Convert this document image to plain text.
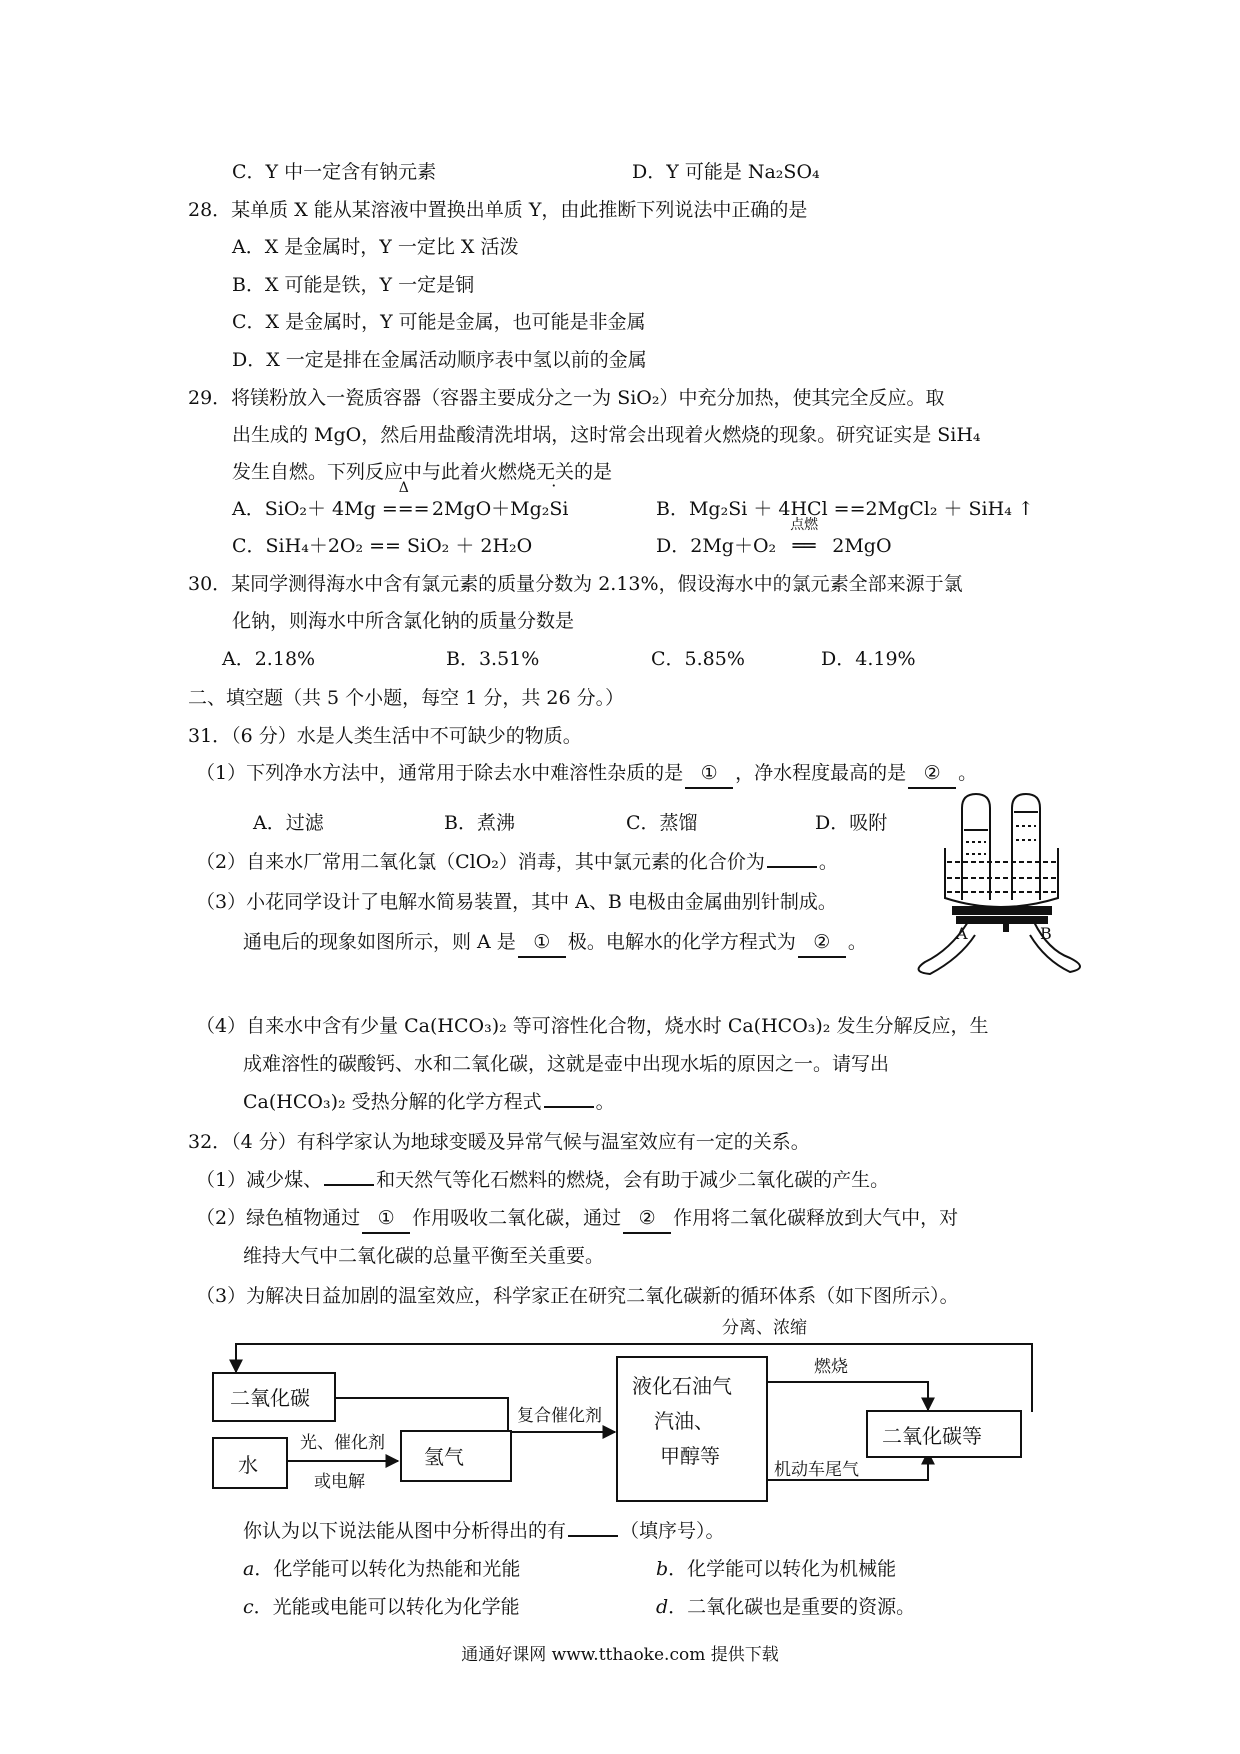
C．Y 中一定含有钠元素	D．Y 可能是 Na₂SO₄
28．某单质 X 能从某溶液中置换出单质 Y，由此推断下列说法中正确的是
A．X 是金属时，Y 一定比 X 活泼
B．X 可能是铁，Y 一定是铜
C．X 是金属时，Y 可能是金属，也可能是非金属
D．X 一定是排在金属活动顺序表中氢以前的金属
29．将镁粉放入一瓷质容器（容器主要成分之一为 SiO₂）中充分加热，使其完全反应。取
出生成的 MgO，然后用盐酸清洗坩埚，这时常会出现着火燃烧的现象。研究证实是 SiH₄
发生自燃。下列反应中与此着火燃烧无关的是
A．SiO₂＋ 4Mg
Δ
=== 2MgO＋Mg₂Si	B．Mg₂Si ＋ 4HCl ==2MgCl₂ ＋ SiH₄ ↑
C．SiH₄＋2O₂ == SiO₂ ＋ 2H₂O	D．2Mg＋O₂
点燃
══ 2MgO
30．某同学测得海水中含有氯元素的质量分数为 2.13%，假设海水中的氯元素全部来源于氯
化钠，则海水中所含氯化钠的质量分数是
A．2.18%	B．3.51%	C．5.85%	D．4.19%
二、填空题（共 5 个小题，每空 1 分，共 26 分。）
31．（6 分）水是人类生活中不可缺少的物质。
（1）下列净水方法中，通常用于除去水中难溶性杂质的是 ① ，净水程度最高的是 ② 。
A．过滤	B．煮沸	C．蒸馏	D．吸附
（2）自来水厂常用二氧化氯（ClO₂）消毒，其中氯元素的化合价为	。
（3）小花同学设计了电解水简易装置，其中 A、B 电极由金属曲别针制成。
通电后的现象如图所示，则 A 是 ① 极。电解水的化学方程式为 ② 。	A	B
（4）自来水中含有少量 Ca(HCO₃)₂ 等可溶性化合物，烧水时 Ca(HCO₃)₂ 发生分解反应，生
成难溶性的碳酸钙、水和二氧化碳，这就是壶中出现水垢的原因之一。请写出
Ca(HCO₃)₂ 受热分解的化学方程式	。
32．（4 分）有科学家认为地球变暖及异常气候与温室效应有一定的关系。
（1）减少煤、	和天然气等化石燃料的燃烧，会有助于减少二氧化碳的产生。
（2）绿色植物通过 ① 作用吸收二氧化碳，通过 ② 作用将二氧化碳释放到大气中，对
维持大气中二氧化碳的总量平衡至关重要。
（3）为解决日益加剧的温室效应，科学家正在研究二氧化碳新的循环体系（如下图所示）。
二氧化碳
水	氢气
液化石油气
汽油、
甲醇等
二氧化碳等
分离、浓缩
复合催化剂
光、催化剂
或电解
燃烧
机动车尾气
你认为以下说法能从图中分析得出的有	（填序号）。
a．化学能可以转化为热能和光能	b．化学能可以转化为机械能
c．光能或电能可以转化为化学能	d．二氧化碳也是重要的资源。
通通好课网 www.tthaoke.com 提供下载
